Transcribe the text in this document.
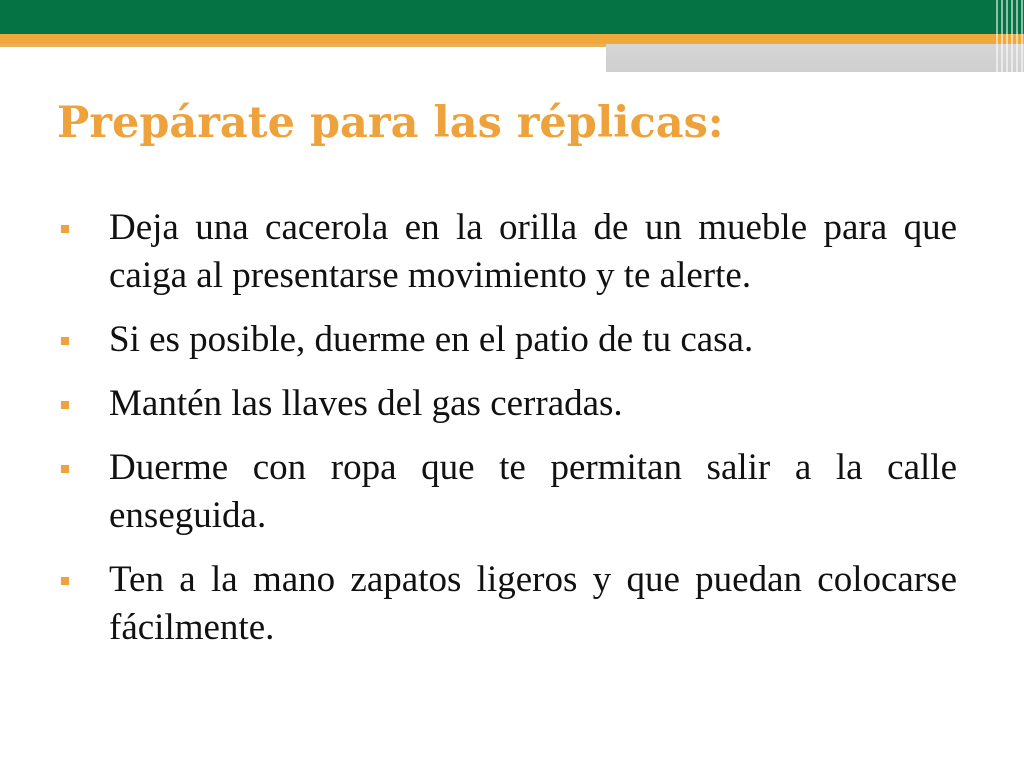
Prepárate para las réplicas:
Deja una cacerola en la orilla de un mueble para que caiga al presentarse movimiento y te alerte.
Si es posible, duerme en el patio de tu casa.
Mantén las llaves del gas cerradas.
Duerme con ropa que te permitan salir a la calle enseguida.
Ten a la mano zapatos ligeros y que puedan colocarse fácilmente.
